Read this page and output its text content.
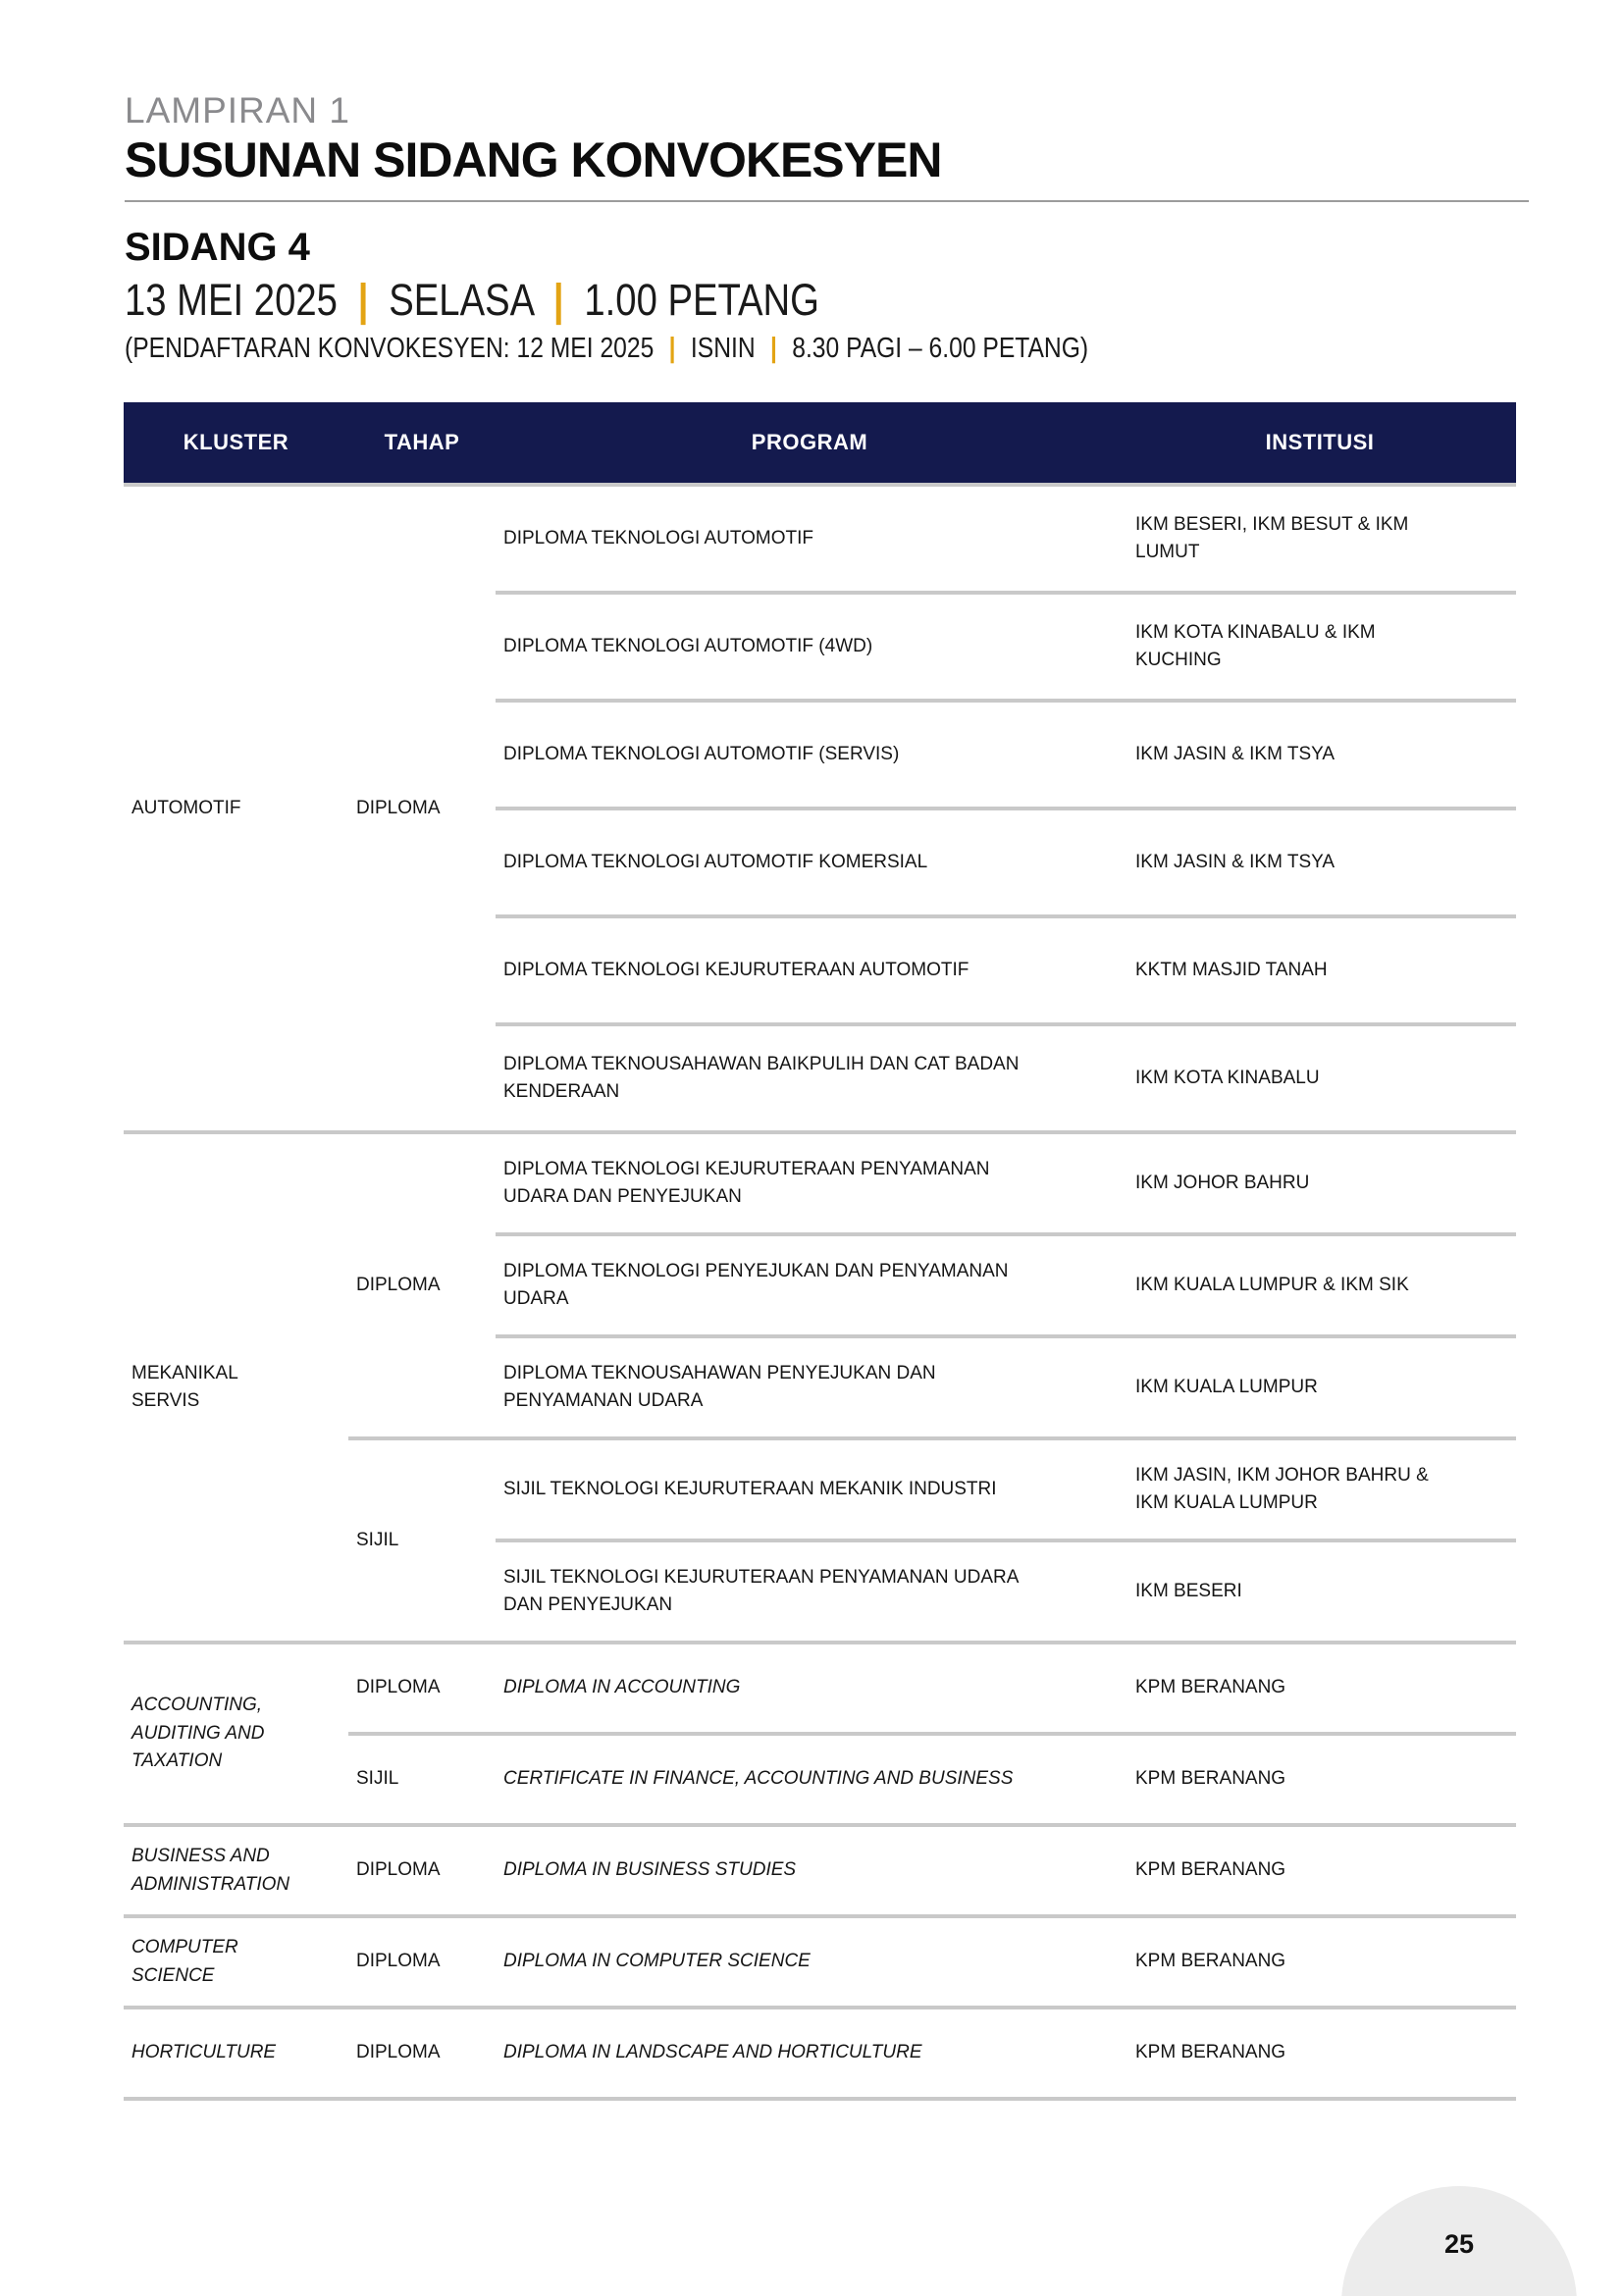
LAMPIRAN 1
SUSUNAN SIDANG KONVOKESYEN
SIDANG 4
13 MEI 2025 | SELASA | 1.00 PETANG
(PENDAFTARAN KONVOKESYEN: 12 MEI 2025 | ISNIN | 8.30 PAGI – 6.00 PETANG)
KLUSTER	TAHAP	PROGRAM	INSTITUSI
AUTOMOTIF	DIPLOMA	DIPLOMA TEKNOLOGI AUTOMOTIF	IKM BESERI, IKM BESUT & IKM LUMUT
		DIPLOMA TEKNOLOGI AUTOMOTIF (4WD)	IKM KOTA KINABALU & IKM KUCHING
		DIPLOMA TEKNOLOGI AUTOMOTIF (SERVIS)	IKM JASIN & IKM TSYA
		DIPLOMA TEKNOLOGI AUTOMOTIF KOMERSIAL	IKM JASIN & IKM TSYA
		DIPLOMA TEKNOLOGI KEJURUTERAAN AUTOMOTIF	KKTM MASJID TANAH
		DIPLOMA TEKNOUSAHAWAN BAIKPULIH DAN CAT BADAN KENDERAAN	IKM KOTA KINABALU
MEKANIKAL SERVIS	DIPLOMA	DIPLOMA TEKNOLOGI KEJURUTERAAN PENYAMANAN UDARA DAN PENYEJUKAN	IKM JOHOR BAHRU
		DIPLOMA TEKNOLOGI PENYEJUKAN DAN PENYAMANAN UDARA	IKM KUALA LUMPUR & IKM SIK
		DIPLOMA TEKNOUSAHAWAN PENYEJUKAN DAN PENYAMANAN UDARA	IKM KUALA LUMPUR
	SIJIL	SIJIL TEKNOLOGI KEJURUTERAAN MEKANIK INDUSTRI	IKM JASIN, IKM JOHOR BAHRU & IKM KUALA LUMPUR
		SIJIL TEKNOLOGI KEJURUTERAAN PENYAMANAN UDARA DAN PENYEJUKAN	IKM BESERI
ACCOUNTING, AUDITING AND TAXATION	DIPLOMA	DIPLOMA IN ACCOUNTING	KPM BERANANG
	SIJIL	CERTIFICATE IN FINANCE, ACCOUNTING AND BUSINESS	KPM BERANANG
BUSINESS AND ADMINISTRATION	DIPLOMA	DIPLOMA IN BUSINESS STUDIES	KPM BERANANG
COMPUTER SCIENCE	DIPLOMA	DIPLOMA IN COMPUTER SCIENCE	KPM BERANANG
HORTICULTURE	DIPLOMA	DIPLOMA IN LANDSCAPE AND HORTICULTURE	KPM BERANANG
25
